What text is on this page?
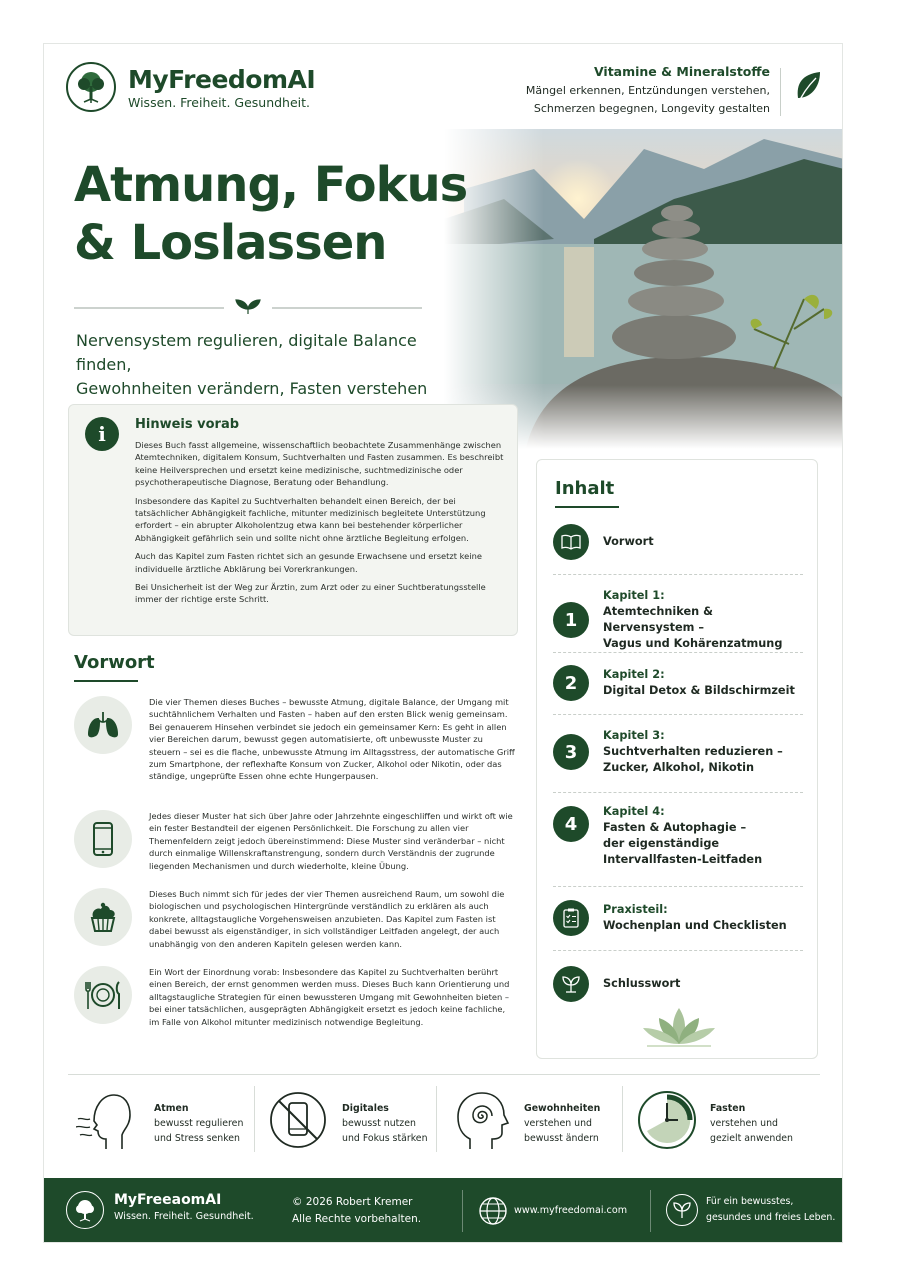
MyFreedomAI
Wissen. Freiheit. Gesundheit.
Vitamine & Mineralstoffe
Mängel erkennen, Entzündungen verstehen,
Schmerzen begegnen, Longevity gestalten
Atmung, Fokus
& Loslassen
Nervensystem regulieren, digitale Balance finden,
Gewohnheiten verändern, Fasten verstehen
i	Hinweis vorab

Dieses Buch fasst allgemeine, wissenschaftlich beobachtete Zusammenhänge zwischen Atemtechniken, digitalem Konsum, Suchtverhalten und Fasten zusammen. Es beschreibt keine Heilversprechen und ersetzt keine medizinische, suchtmedizinische oder psychotherapeutische Diagnose, Beratung oder Behandlung.

Insbesondere das Kapitel zu Suchtverhalten behandelt einen Bereich, der bei tatsächlicher Abhängigkeit fachliche, mitunter medizinisch begleitete Unterstützung erfordert – ein abrupter Alkoholentzug etwa kann bei bestehender körperlicher Abhängigkeit gefährlich sein und sollte nicht ohne ärztliche Begleitung erfolgen.

Auch das Kapitel zum Fasten richtet sich an gesunde Erwachsene und ersetzt keine individuelle ärztliche Abklärung bei Vorerkrankungen.

Bei Unsicherheit ist der Weg zur Ärztin, zum Arzt oder zu einer Suchtberatungsstelle immer der richtige erste Schritt.

Inhalt
Vorwort
1
Kapitel 1:
Atemtechniken & Nervensystem –
Vagus und Kohärenzatmung
2	Kapitel 2:
Digital Detox & Bildschirmzeit
3
Kapitel 3:
Suchtverhalten reduzieren –
Zucker, Alkohol, Nikotin
4
Kapitel 4:
Fasten & Autophagie –
der eigenständige
Intervallfasten-Leitfaden
Praxisteil:
Wochenplan und Checklisten
Schlusswort
Vorwort
Die vier Themen dieses Buches – bewusste Atmung, digitale Balance, der Umgang mit suchtähnlichem Verhalten und Fasten – haben auf den ersten Blick wenig gemeinsam. Bei genauerem Hinsehen verbindet sie jedoch ein gemeinsamer Kern: Es geht in allen vier Bereichen darum, bewusst gegen automatisierte, oft unbewusste Muster zu steuern – sei es die flache, unbewusste Atmung im Alltagsstress, der automatische Griff zum Smartphone, der reflexhafte Konsum von Zucker, Alkohol oder Nikotin, oder das ständige, ungeprüfte Essen ohne echte Hungerpausen.
Jedes dieser Muster hat sich über Jahre oder Jahrzehnte eingeschliffen und wirkt oft wie ein fester Bestandteil der eigenen Persönlichkeit. Die Forschung zu allen vier Themenfeldern zeigt jedoch übereinstimmend: Diese Muster sind veränderbar – nicht durch einmalige Willenskraftanstrengung, sondern durch Verständnis der zugrunde liegenden Mechanismen und durch wiederholte, kleine Übung.
Dieses Buch nimmt sich für jedes der vier Themen ausreichend Raum, um sowohl die biologischen und psychologischen Hintergründe verständlich zu erklären als auch konkrete, alltagstaugliche Vorgehensweisen anzubieten. Das Kapitel zum Fasten ist dabei bewusst als eigenständiger, in sich vollständiger Leitfaden angelegt, der auch unabhängig von den anderen Kapiteln gelesen werden kann.
Ein Wort der Einordnung vorab: Insbesondere das Kapitel zu Suchtverhalten berührt einen Bereich, der ernst genommen werden muss. Dieses Buch kann Orientierung und alltagstaugliche Strategien für einen bewussteren Umgang mit Gewohnheiten bieten – bei einer tatsächlichen, ausgeprägten Abhängigkeit ersetzt es jedoch keine fachliche, im Falle von Alkohol mitunter medizinisch notwendige Begleitung.
Atmen
bewusst regulieren
und Stress senken
Digitales
bewusst nutzen
und Fokus stärken
Gewohnheiten
verstehen und
bewusst ändern
Fasten
verstehen und
gezielt anwenden
MyFreeaomAI
Wissen. Freiheit. Gesundheit.
© 2026 Robert Kremer
Alle Rechte vorbehalten.
www.myfreedomai.com
Für ein bewusstes,
gesundes und freies Leben.
